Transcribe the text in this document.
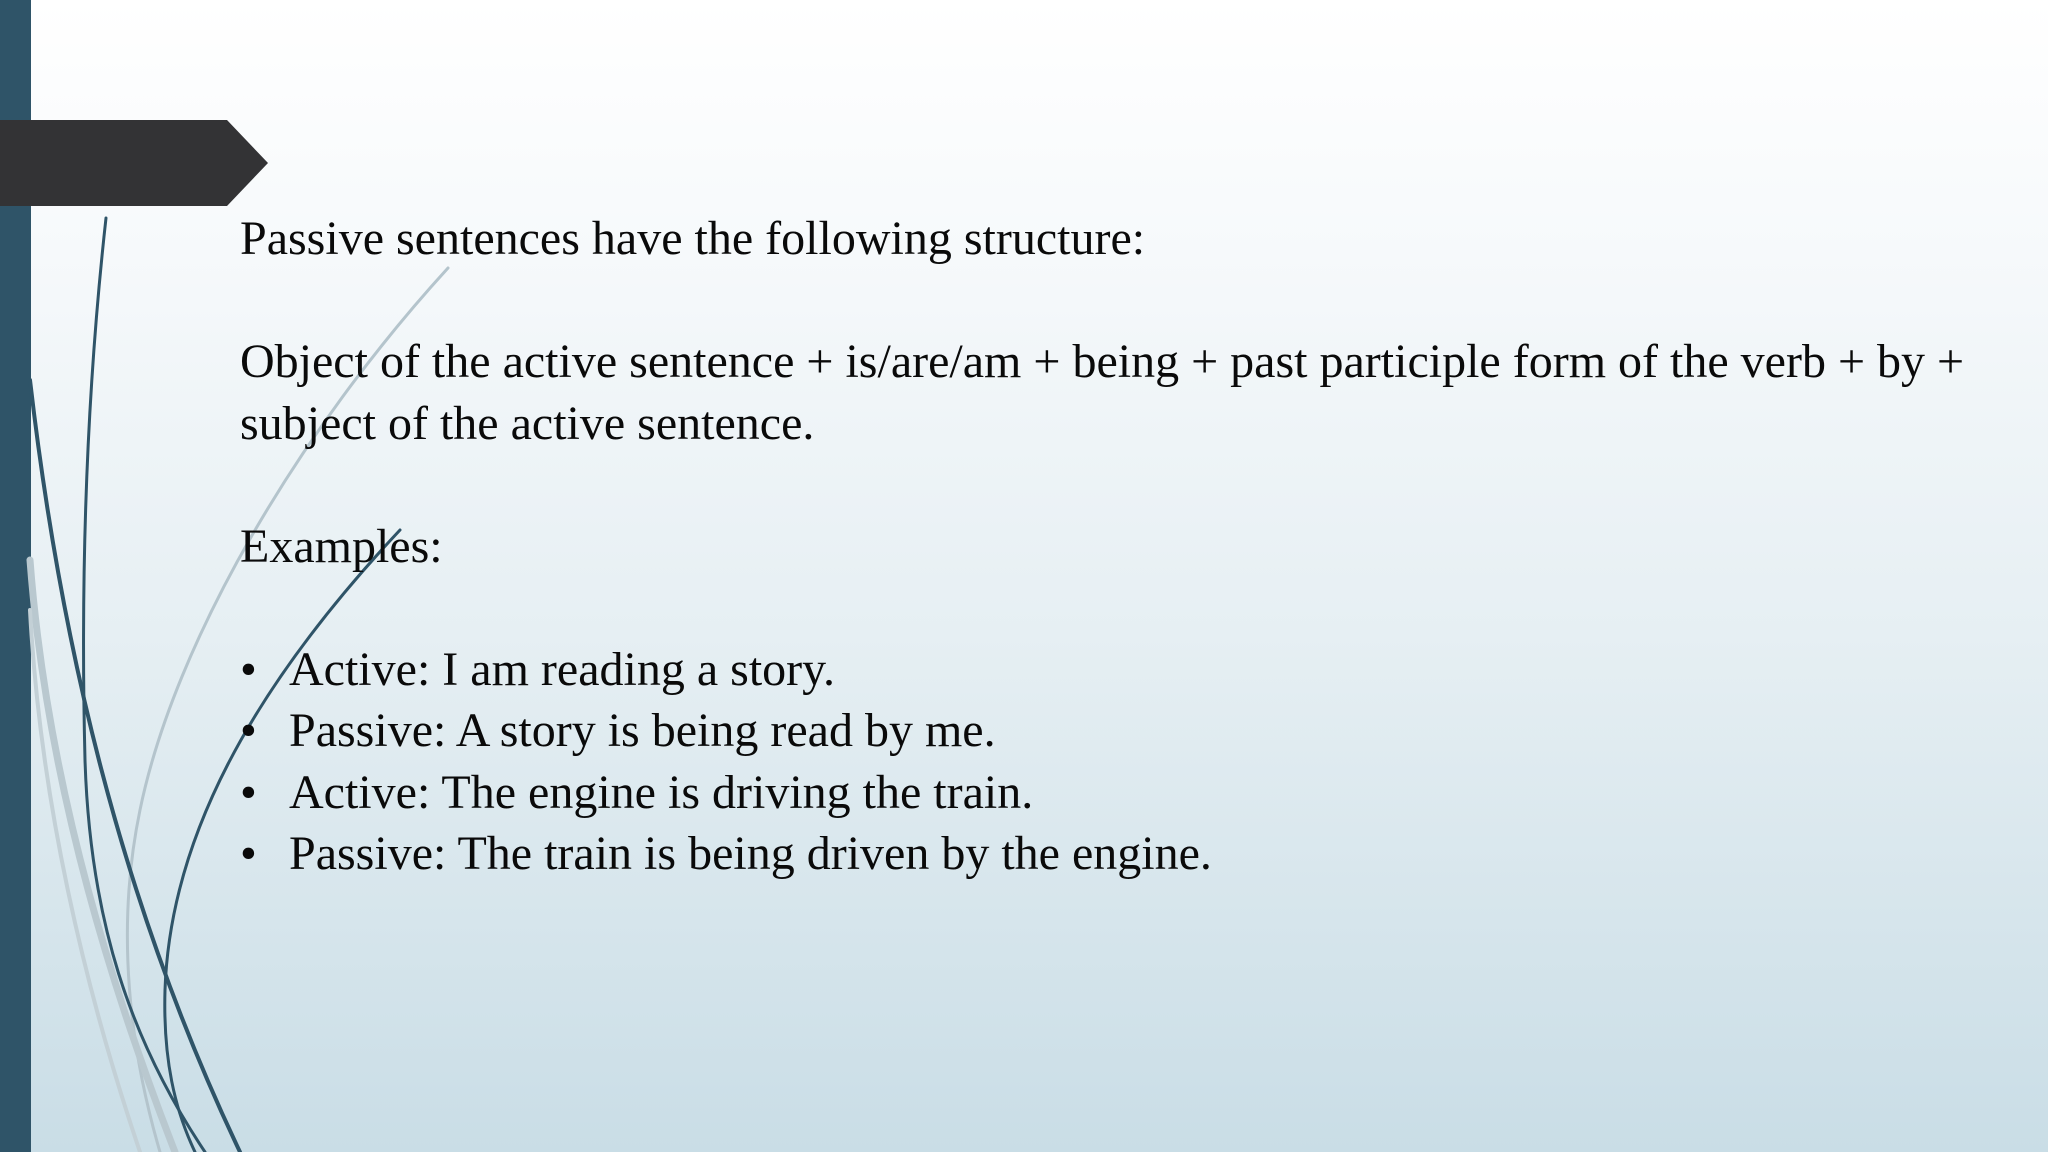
Passive sentences have the following structure:

Object of the active sentence + is/are/am + being + past participle form of the verb + by + subject of the active sentence.

Examples:

• Active: I am reading a story.
• Passive: A story is being read by me.
• Active: The engine is driving the train.
• Passive: The train is being driven by the engine.
